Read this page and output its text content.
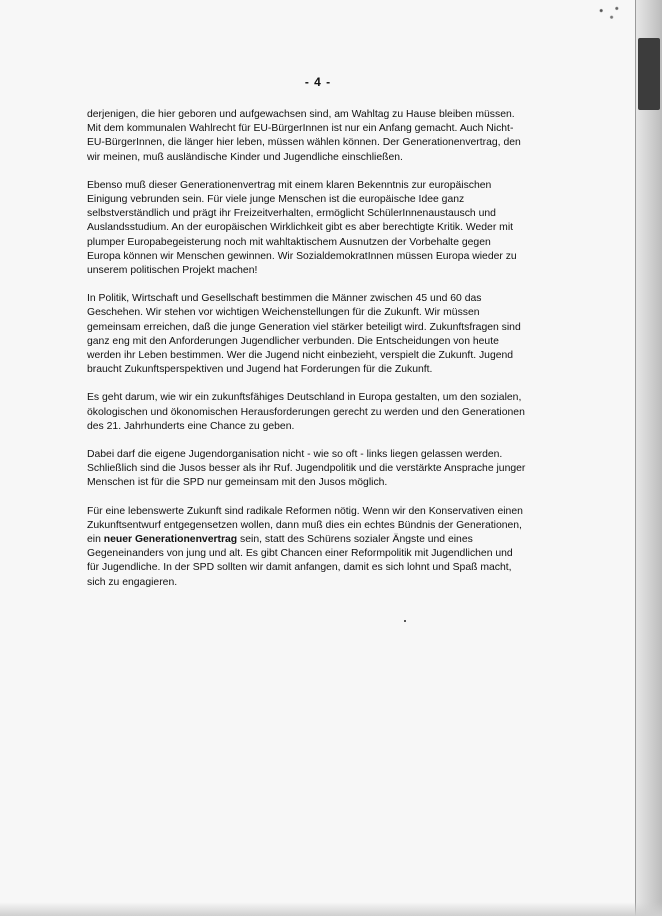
- 4 -

derjenigen, die hier geboren und aufgewachsen sind, am Wahltag zu Hause bleiben müssen. Mit dem kommunalen Wahlrecht für EU-BürgerInnen ist nur ein Anfang gemacht. Auch Nicht-EU-BürgerInnen, die länger hier leben, müssen wählen können. Der Generationenvertrag, den wir meinen, muß ausländische Kinder und Jugendliche einschließen.

Ebenso muß dieser Generationenvertrag mit einem klaren Bekenntnis zur europäischen Einigung vebrunden sein. Für viele junge Menschen ist die europäische Idee ganz selbstverständlich und prägt ihr Freizeitverhalten, ermöglicht SchülerInnenaustausch und Auslandsstudium. An der europäischen Wirklichkeit gibt es aber berechtigte Kritik. Weder mit plumper Europabegeisterung noch mit wahltaktischem Ausnutzen der Vorbehalte gegen Europa können wir Menschen gewinnen. Wir SozialdemokratInnen müssen Europa wieder zu unserem politischen Projekt machen!

In Politik, Wirtschaft und Gesellschaft bestimmen die Männer zwischen 45 und 60 das Geschehen. Wir stehen vor wichtigen Weichenstellungen für die Zukunft. Wir müssen gemeinsam erreichen, daß die junge Generation viel stärker beteiligt wird. Zukunftsfragen sind ganz eng mit den Anforderungen Jugendlicher verbunden. Die Entscheidungen von heute werden ihr Leben bestimmen. Wer die Jugend nicht einbezieht, verspielt die Zukunft. Jugend braucht Zukunftsperspektiven und Jugend hat Forderungen für die Zukunft.

Es geht darum, wie wir ein zukunftsfähiges Deutschland in Europa gestalten, um den sozialen, ökologischen und ökonomischen Herausforderungen gerecht zu werden und den Generationen des 21. Jahrhunderts eine Chance zu geben.

Dabei darf die eigene Jugendorganisation nicht - wie so oft - links liegen gelassen werden. Schließlich sind die Jusos besser als ihr Ruf. Jugendpolitik und die verstärkte Ansprache junger Menschen ist für die SPD nur gemeinsam mit den Jusos möglich.

Für eine lebenswerte Zukunft sind radikale Reformen nötig. Wenn wir den Konservativen einen Zukunftsentwurf entgegensetzen wollen, dann muß dies ein echtes Bündnis der Generationen, ein neuer Generationenvertrag sein, statt des Schürens sozialer Ängste und eines Gegeneinanders von jung und alt. Es gibt Chancen einer Reformpolitik mit Jugendlichen und für Jugendliche. In der SPD sollten wir damit anfangen, damit es sich lohnt und Spaß macht, sich zu engagieren.
